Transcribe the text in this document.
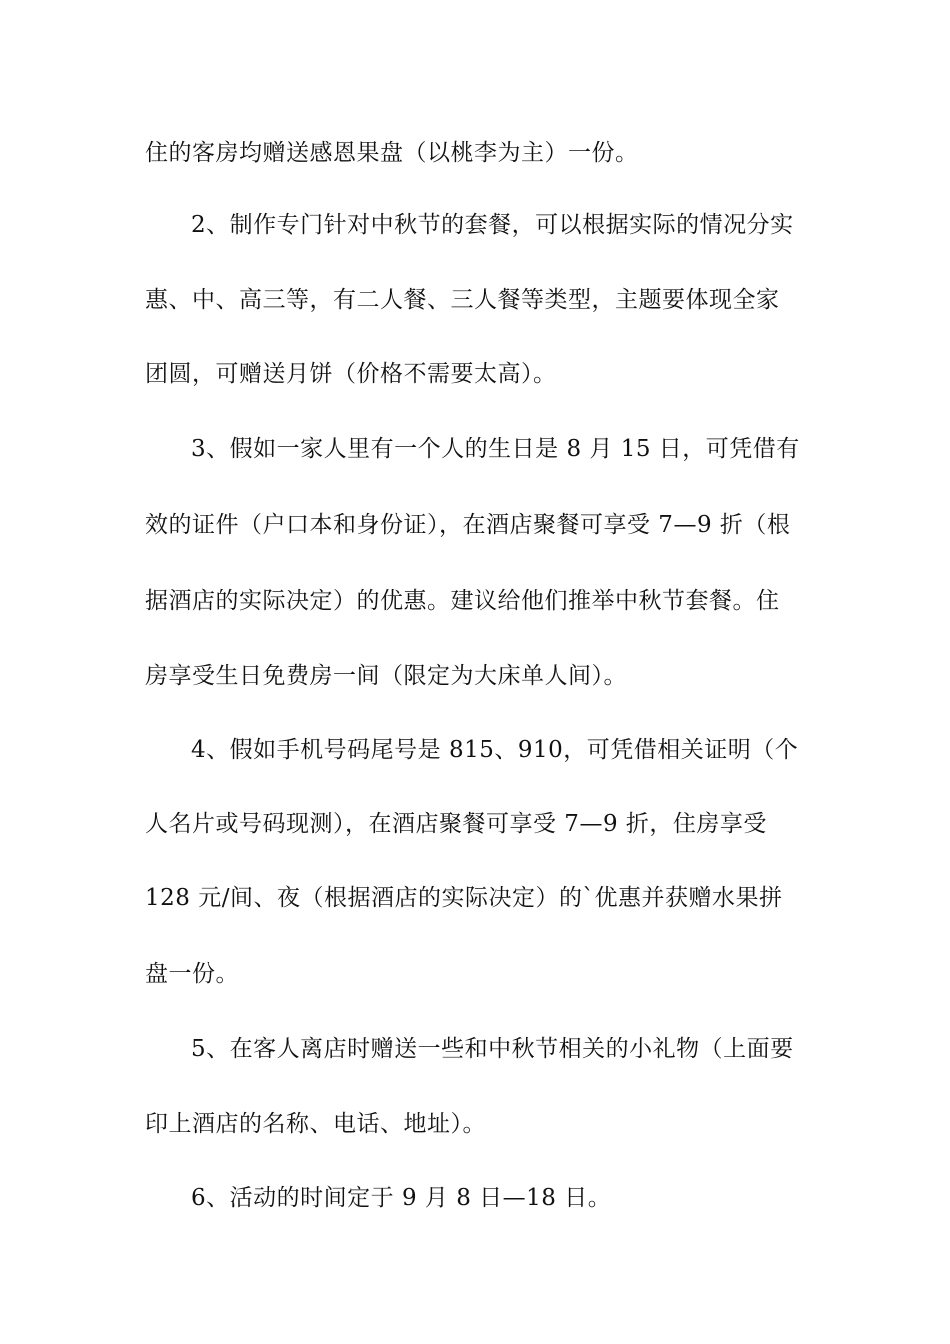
住的客房均赠送感恩果盘（以桃李为主）一份。
2、制作专门针对中秋节的套餐，可以根据实际的情况分实
惠、中、高三等，有二人餐、三人餐等类型，主题要体现全家
团圆，可赠送月饼（价格不需要太高）。
3、假如一家人里有一个人的生日是 8 月 15 日，可凭借有
效的证件（户口本和身份证），在酒店聚餐可享受 7—9 折（根
据酒店的实际决定）的优惠。建议给他们推举中秋节套餐。住
房享受生日免费房一间（限定为大床单人间）。
4、假如手机号码尾号是 815、910，可凭借相关证明（个
人名片或号码现测），在酒店聚餐可享受 7—9 折，住房享受
128 元/间、夜（根据酒店的实际决定）的`优惠并获赠水果拼
盘一份。
5、在客人离店时赠送一些和中秋节相关的小礼物（上面要
印上酒店的名称、电话、地址）。
6、活动的时间定于 9 月 8 日—18 日。
